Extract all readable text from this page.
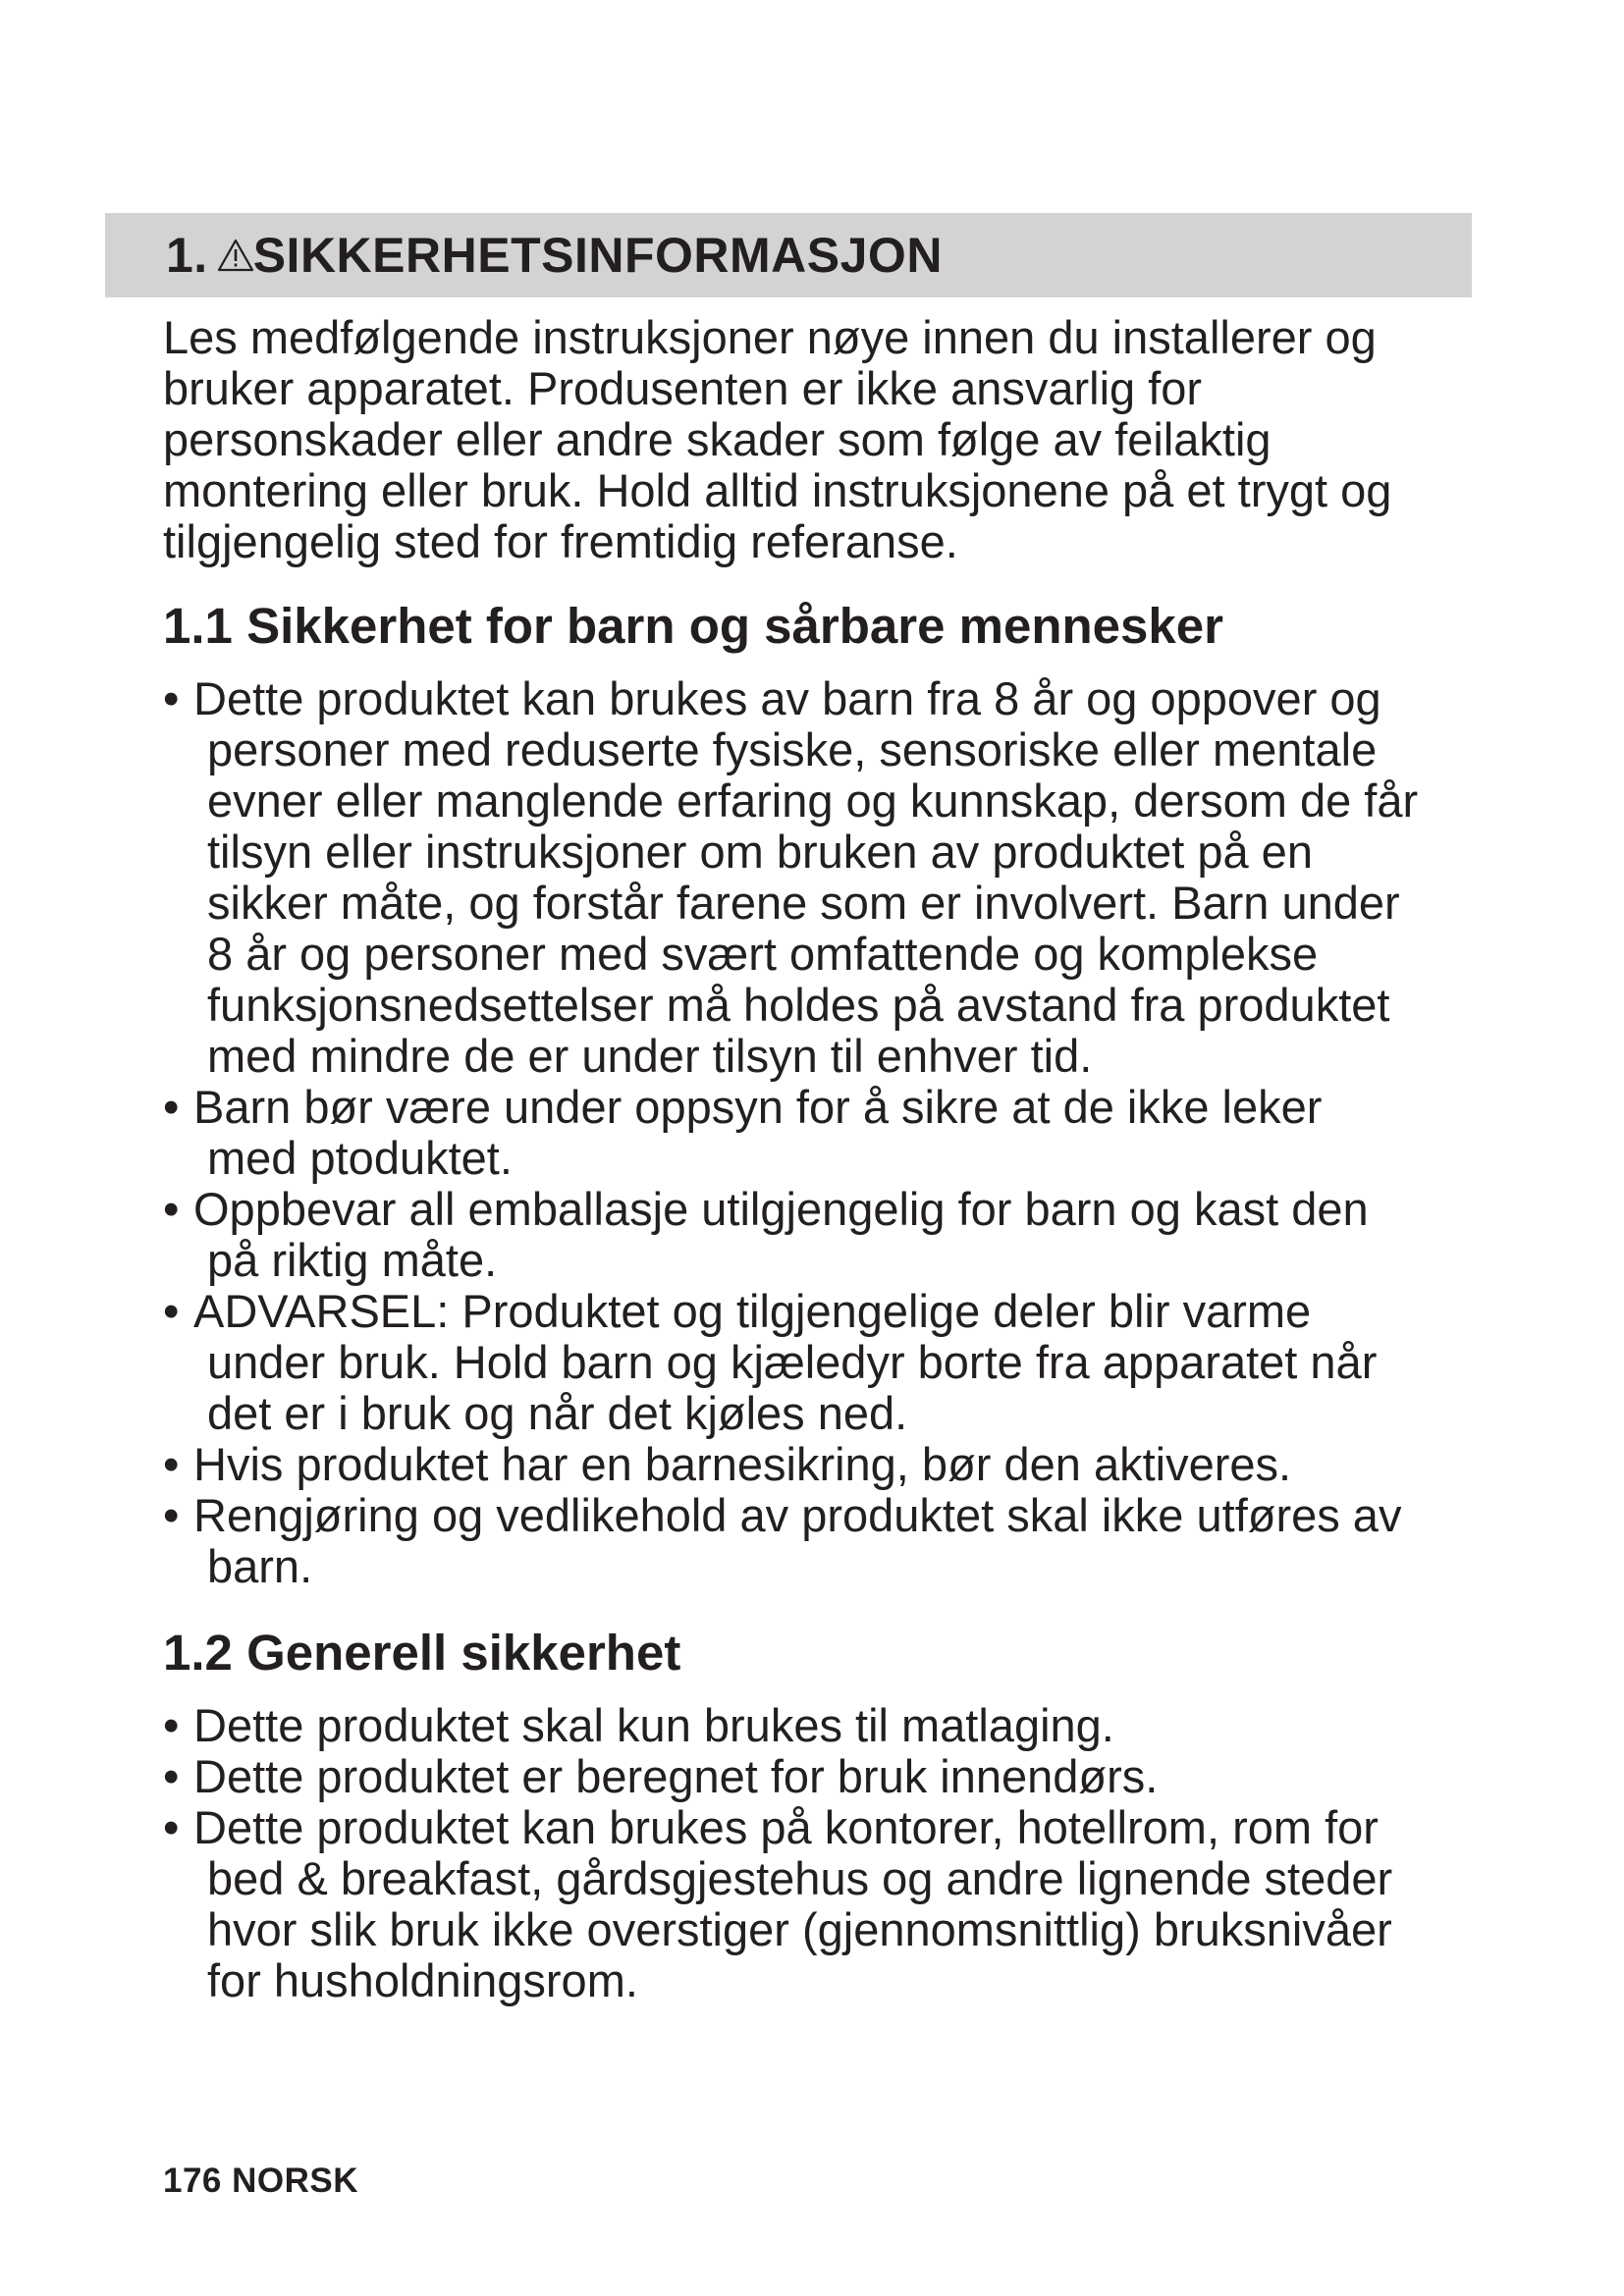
1. SIKKERHETSINFORMASJON

Les medfølgende instruksjoner nøye innen du installerer og
bruker apparatet. Produsenten er ikke ansvarlig for
personskader eller andre skader som følge av feilaktig
montering eller bruk. Hold alltid instruksjonene på et trygt og
tilgjengelig sted for fremtidig referanse.

1.1 Sikkerhet for barn og sårbare mennesker
• Dette produktet kan brukes av barn fra 8 år og oppover og
personer med reduserte fysiske, sensoriske eller mentale
evner eller manglende erfaring og kunnskap, dersom de får
tilsyn eller instruksjoner om bruken av produktet på en
sikker måte, og forstår farene som er involvert. Barn under
8 år og personer med svært omfattende og komplekse
funksjonsnedsettelser må holdes på avstand fra produktet
med mindre de er under tilsyn til enhver tid.
• Barn bør være under oppsyn for å sikre at de ikke leker
med ptoduktet.
• Oppbevar all emballasje utilgjengelig for barn og kast den
på riktig måte.
• ADVARSEL: Produktet og tilgjengelige deler blir varme
under bruk. Hold barn og kjæledyr borte fra apparatet når
det er i bruk og når det kjøles ned.
• Hvis produktet har en barnesikring, bør den aktiveres.
• Rengjøring og vedlikehold av produktet skal ikke utføres av
barn.
1.2 Generell sikkerhet
• Dette produktet skal kun brukes til matlaging.
• Dette produktet er beregnet for bruk innendørs.
• Dette produktet kan brukes på kontorer, hotellrom, rom for
bed & breakfast, gårdsgjestehus og andre lignende steder
hvor slik bruk ikke overstiger (gjennomsnittlig) bruksnivåer
for husholdningsrom.
176 NORSK
